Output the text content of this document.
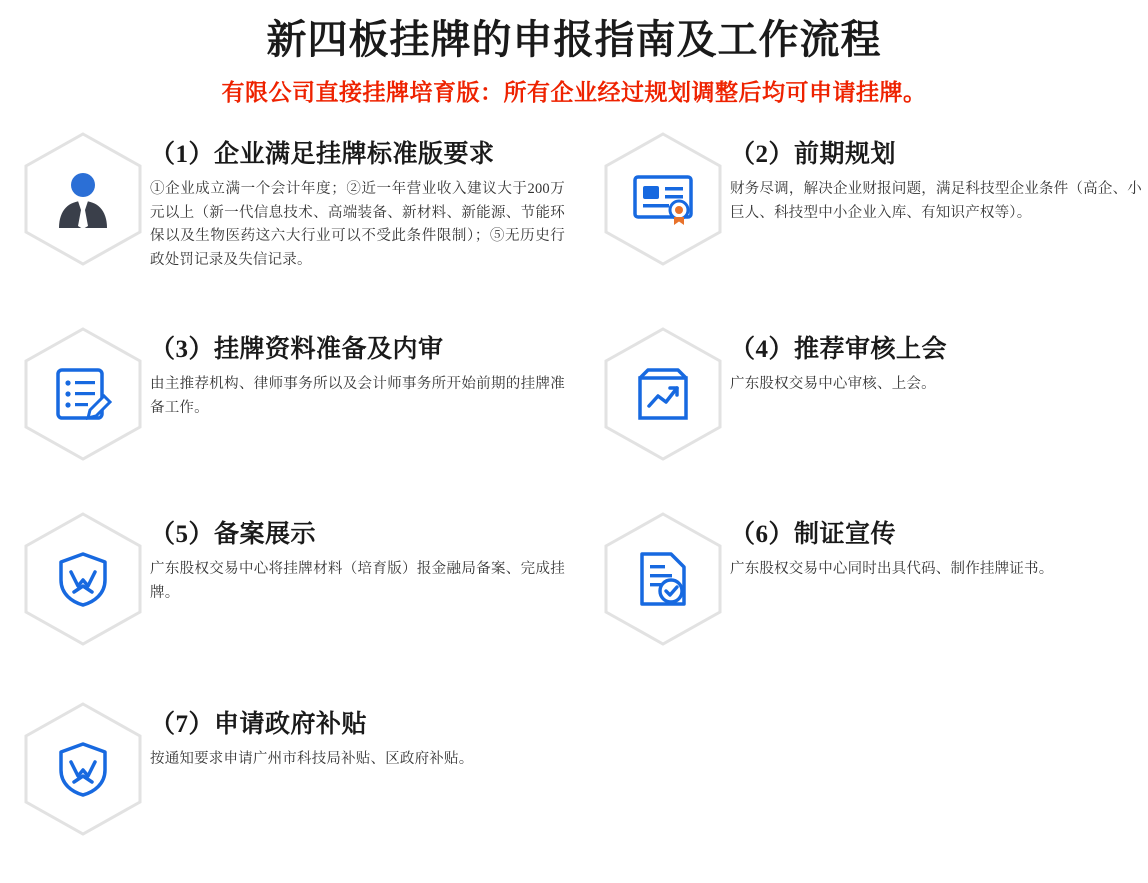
新四板挂牌的申报指南及工作流程
有限公司直接挂牌培育版：所有企业经过规划调整后均可申请挂牌。
（1）企业满足挂牌标准版要求
①企业成立满一个会计年度；②近一年营业收入建议大于200万元以上（新一代信息技术、高端装备、新材料、新能源、节能环保以及生物医药这六大行业可以不受此条件限制）；⑤无历史行政处罚记录及失信记录。
（2）前期规划
财务尽调，解决企业财报问题，满足科技型企业条件（高企、小巨人、科技型中小企业入库、有知识产权等）。
（3）挂牌资料准备及内审
由主推荐机构、律师事务所以及会计师事务所开始前期的挂牌准备工作。
（4）推荐审核上会
广东股权交易中心审核、上会。
（5）备案展示
广东股权交易中心将挂牌材料（培育版）报金融局备案、完成挂牌。
（6）制证宣传
广东股权交易中心同时出具代码、制作挂牌证书。
（7）申请政府补贴
按通知要求申请广州市科技局补贴、区政府补贴。
